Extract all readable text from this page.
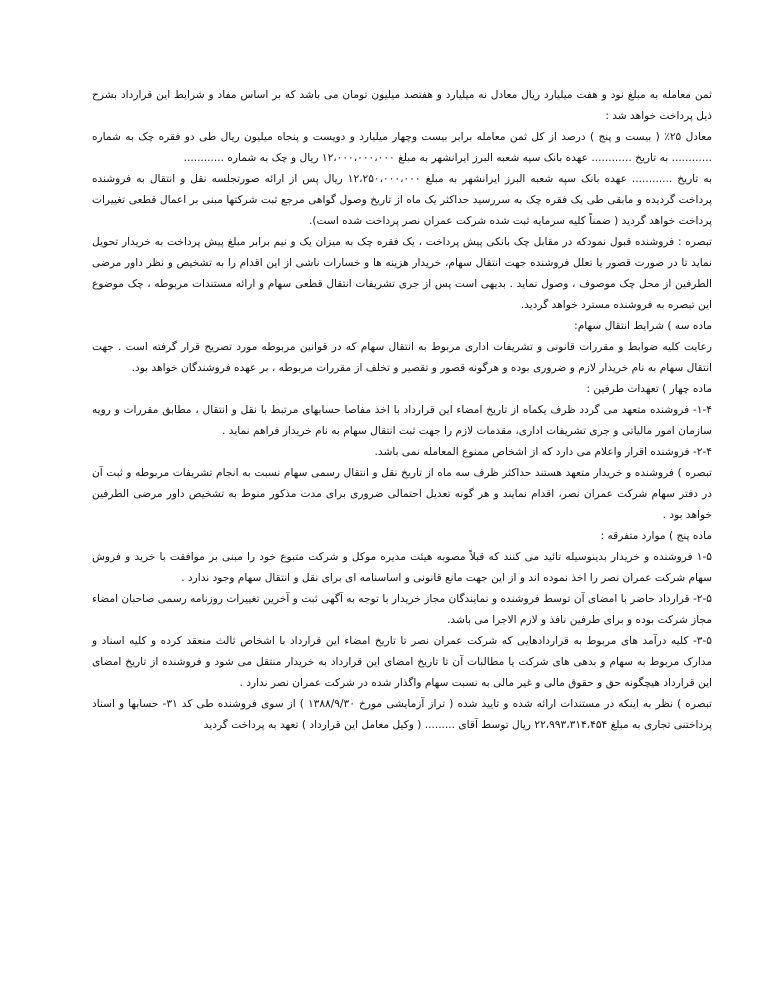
ثمن معامله به مبلغ نود و هفت میلیارد ریال معادل نه میلیارد و هفتصد میلیون تومان می باشد که بر اساس مفاد و شرایط این قرارداد بشرح ذیل پرداخت خواهد شد :

معادل ۲۵٪ ( بیست و پنج ) درصد از کل ثمن معامله برابر بیست وچهار میلیارد و دویست و پنجاه میلیون ریال طی دو فقره چک به شماره ............ به تاریخ ............ عهده بانک سپه شعبه البرز ایرانشهر به مبلغ ۱۲،۰۰۰،۰۰۰،۰۰۰ ریال و چک به شماره ............

به تاریخ ............ عهده بانک سپه شعبه البرز ایرانشهر به مبلغ ۱۲،۲۵۰،۰۰۰،۰۰۰ ریال پس از ارائه صورتجلسه نقل و انتقال به فروشنده پرداخت گردیده و مابقی طی یک فقره چک به سررسید حداکثر یک ماه از تاریخ وصول گواهی مرجع ثبت شرکتها مبنی بر اعمال قطعی تغییرات پرداخت خواهد گردید ( ضمناً کلیه سرمایه ثبت شده شرکت عمران نصر پرداخت شده است).

تبصره : فروشنده قبول نمودکه در مقابل چک بانکی پیش پرداخت ، یک فقره چک به میزان یک و نیم برابر مبلغ پیش پرداخت به خریدار تحویل نماید تا در صورت قصور یا تعلل فروشنده جهت انتقال سهام، خریدار هزینه ها و خسارات ناشی از این اقدام را به تشخیص و نظر داور مرضی الطرفین از محل چک موصوف ، وصول نماید . بدیهی است پس از جری تشریفات انتقال قطعی سهام و ارائه مستندات مربوطه ، چک موضوع این تبصره به فروشنده مسترد خواهد گردید.

ماده سه ) شرایط انتقال سهام:

رعایت کلیه ضوابط و مقررات قانونی و تشریفات اداری مربوط به انتقال سهام که در قوانین مربوطه مورد تصریح قرار گرفته است . جهت انتقال سهام به نام خریدار لازم و ضروری بوده و هرگونه قصور و تقصیر و تخلف از مقررات مربوطه ، بر عهده فروشندگان خواهد بود.

ماده چهار ) تعهدات طرفین :

۱-۴- فروشنده متعهد می گردد ظرف یکماه از تاریخ امضاء این قرارداد با اخذ مفاصا حسابهای مرتبط با نقل و انتقال ، مطابق مقررات و رویه سازمان امور مالیاتی و جری تشریفات اداری، مقدمات لازم را جهت ثبت انتقال سهام به نام خریدار فراهم نماید .

۲-۴- فروشنده اقرار واعلام می دارد که از اشخاص ممنوع المعامله نمی باشد.

تبصره ) فروشنده و خریدار متعهد هستند حداکثر ظرف سه ماه از تاریخ نقل و انتقال رسمی سهام نسبت به انجام تشریفات مربوطه و ثبت آن در دفتر سهام شرکت عمران نصر، اقدام نمایند و هر گونه تعدیل احتمالی ضروری برای مدت مذکور منوط به تشخیص داور مرضی الطرفین خواهد بود .

ماده پنج ) موارد متفرقه :

۱-۵ فروشنده و خریدار بدینوسیله تائید می کنند که قبلاً مصوبه هیئت مدیره موکل و شرکت متبوع خود را مبنی بر موافقت با خرید و فروش سهام شرکت عمران نصر را اخذ نموده اند و از این جهت مانع قانونی و اساسنامه ای برای نقل و انتقال سهام وجود ندارد .

۲-۵- قرارداد حاضر با امضای آن توسط فروشنده و نمایندگان مجاز خریدار با توجه به آگهی ثبت و آخرین تغییرات روزنامه رسمی صاحبان امضاء مجاز شرکت بوده و برای طرفین نافذ و لازم الاجرا می باشد.

۳-۵- کلیه درآمد های مربوط به قراردادهایی که شرکت عمران نصر تا تاریخ امضاء این قرارداد با اشخاص ثالث منعقد کرده و کلیه اسناد و مدارک مربوط به سهام و بدهی های شرکت یا مطالبات آن تا تاریخ امضای این قرارداد به خریدار منتقل می شود و فروشنده از تاریخ امضای این قرارداد هیچگونه حق و حقوق مالی و غیر مالی به نسبت سهام واگذار شده در شرکت عمران نصر ندارد .

تبصره ) نظر به اینکه در مستندات ارائه شده و تایید شده ( تراز آزمایشی مورخ ۱۳۸۸/۹/۳۰ ) از سوی فروشنده طی کد ۳۱- حسابها و اسناد پرداختنی تجاری به مبلغ ۲۲،۹۹۳،۳۱۴،۴۵۴ ریال توسط آقای ......... ( وکیل معامل این قرارداد ) تعهد به پرداخت گردید
